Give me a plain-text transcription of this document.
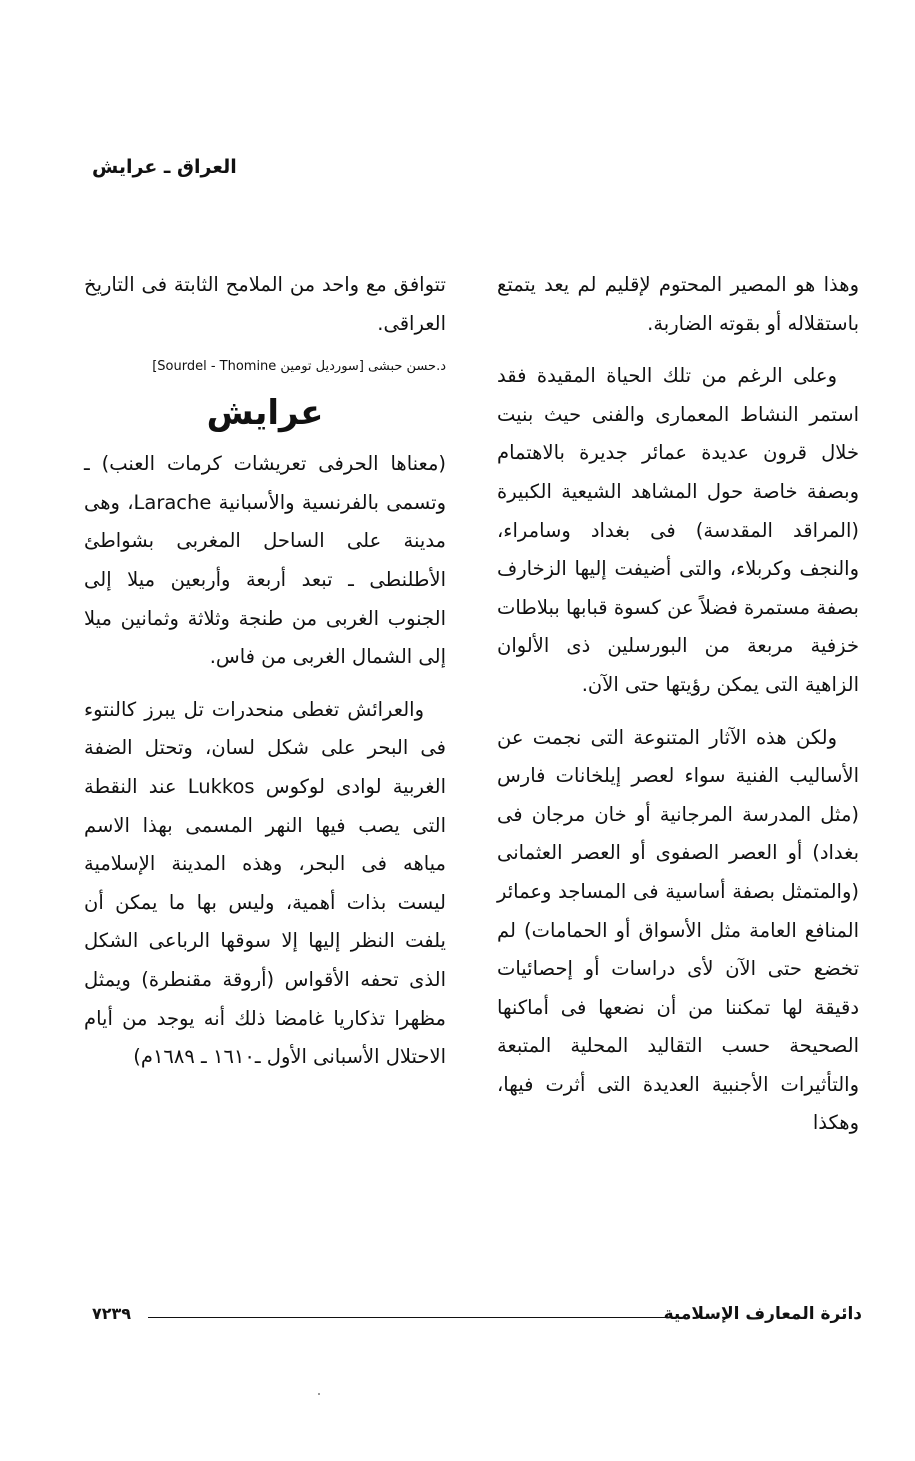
العراق ـ عرايش

وهذا هو المصير المحتوم لإقليم لم يعد يتمتع باستقلاله أو بقوته الضاربة.

وعلى الرغم من تلك الحياة المقيدة فقد استمر النشاط المعمارى والفنى حيث بنيت خلال قرون عديدة عمائر جديرة بالاهتمام وبصفة خاصة حول المشاهد الشيعية الكبيرة (المراقد المقدسة) فى بغداد وسامراء، والنجف وكربلاء، والتى أضيفت إليها الزخارف بصفة مستمرة فضلاً عن كسوة قبابها ببلاطات خزفية مربعة من البورسلين ذى الألوان الزاهية التى يمكن رؤيتها حتى الآن.

ولكن هذه الآثار المتنوعة التى نجمت عن الأساليب الفنية سواء لعصر إيلخانات فارس (مثل المدرسة المرجانية أو خان مرجان فى بغداد) أو العصر الصفوى أو العصر العثمانى (والمتمثل بصفة أساسية فى المساجد وعمائر المنافع العامة مثل الأسواق أو الحمامات) لم تخضع حتى الآن لأى دراسات أو إحصائيات دقيقة لها تمكننا من أن نضعها فى أماكنها الصحيحة حسب التقاليد المحلية المتبعة والتأثيرات الأجنبية العديدة التى أثرت فيها، وهكذا

تتوافق مع واحد من الملامح الثابتة فى التاريخ العراقى.

د.حسن حبشى [سورديل تومين Sourdel - Thomine]
عرايش

(معناها الحرفى تعريشات كرمات العنب) ـ وتسمى بالفرنسية والأسبانية Larache، وهى مدينة على الساحل المغربى بشواطئ الأطلنطى ـ تبعد أربعة وأربعين ميلا إلى الجنوب الغربى من طنجة وثلاثة وثمانين ميلا إلى الشمال الغربى من فاس.

والعرائش تغطى منحدرات تل يبرز كالنتوء فى البحر على شكل لسان، وتحتل الضفة الغربية لوادى لوكوس Lukkos عند النقطة التى يصب فيها النهر المسمى بهذا الاسم مياهه فى البحر، وهذه المدينة الإسلامية ليست بذات أهمية، وليس بها ما يمكن أن يلفت النظر إليها إلا سوقها الرباعى الشكل الذى تحفه الأقواس (أروقة مقنطرة) ويمثل مظهرا تذكاريا غامضا ذلك أنه يوجد من أيام الاحتلال الأسبانى الأول ـ١٦١٠ ـ ١٦٨٩م)

دائرة المعارف الإسلامية
٧٢٣٩
